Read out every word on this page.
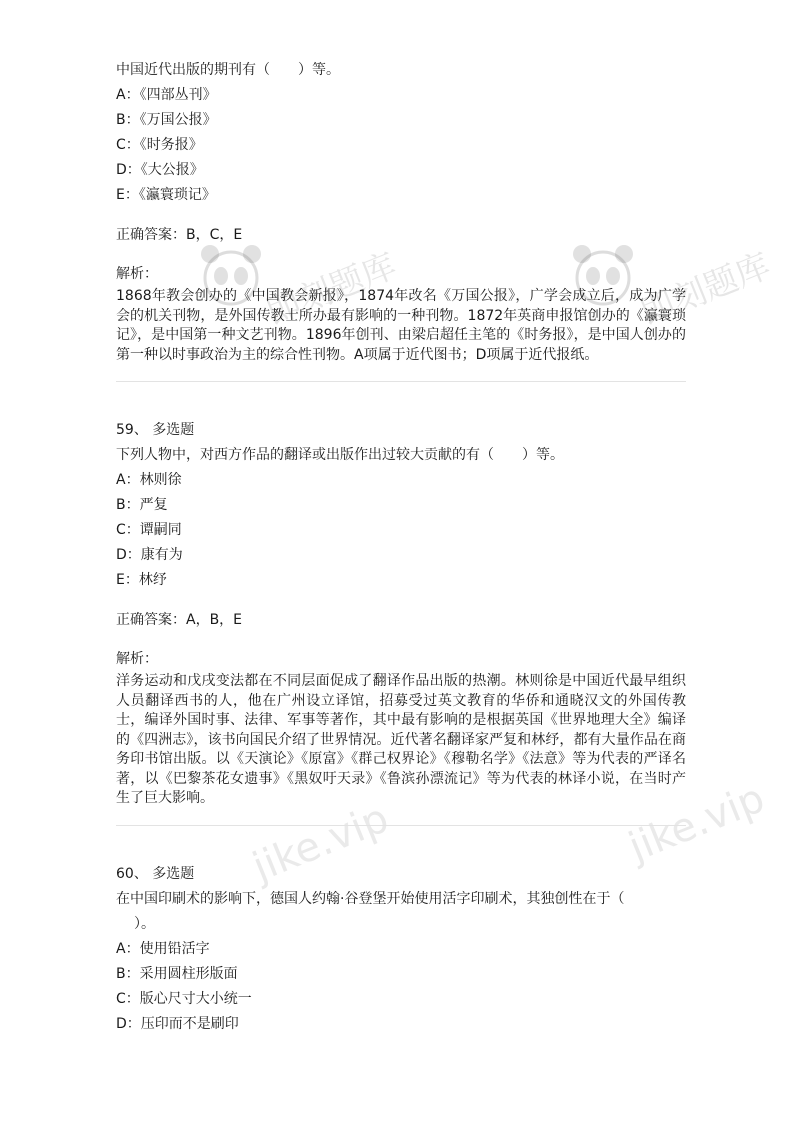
即刻题库	即刻题库
jike.vip	jike.vip
中国近代出版的期刊有（　　）等。
A：《四部丛刊》
B：《万国公报》
C：《时务报》
D：《大公报》
E：《瀛寰琐记》
正确答案：B，C，E
解析：
1868年教会创办的《中国教会新报》，1874年改名《万国公报》，广学会成立后，成为广学会的机关刊物，是外国传教士所办最有影响的一种刊物。1872年英商申报馆创办的《瀛寰琐记》，是中国第一种文艺刊物。1896年创刊、由梁启超任主笔的《时务报》，是中国人创办的第一种以时事政治为主的综合性刊物。A项属于近代图书；D项属于近代报纸。
59、 多选题
下列人物中，对西方作品的翻译或出版作出过较大贡献的有（　　）等。
A：林则徐
B：严复
C：谭嗣同
D：康有为
E：林纾
正确答案：A，B，E
解析：
洋务运动和戊戌变法都在不同层面促成了翻译作品出版的热潮。林则徐是中国近代最早组织人员翻译西书的人，他在广州设立译馆，招募受过英文教育的华侨和通晓汉文的外国传教士，编译外国时事、法律、军事等著作，其中最有影响的是根据英国《世界地理大全》编译的《四洲志》，该书向国民介绍了世界情况。近代著名翻译家严复和林纾，都有大量作品在商务印书馆出版。以《天演论》《原富》《群己权界论》《穆勒名学》《法意》等为代表的严译名著，以《巴黎茶花女遗事》《黑奴吁天录》《鲁滨孙漂流记》等为代表的林译小说，在当时产生了巨大影响。
60、 多选题
在中国印刷术的影响下，德国人约翰·谷登堡开始使用活字印刷术，其独创性在于（
）。
A：使用铅活字
B：采用圆柱形版面
C：版心尺寸大小统一
D：压印而不是刷印
